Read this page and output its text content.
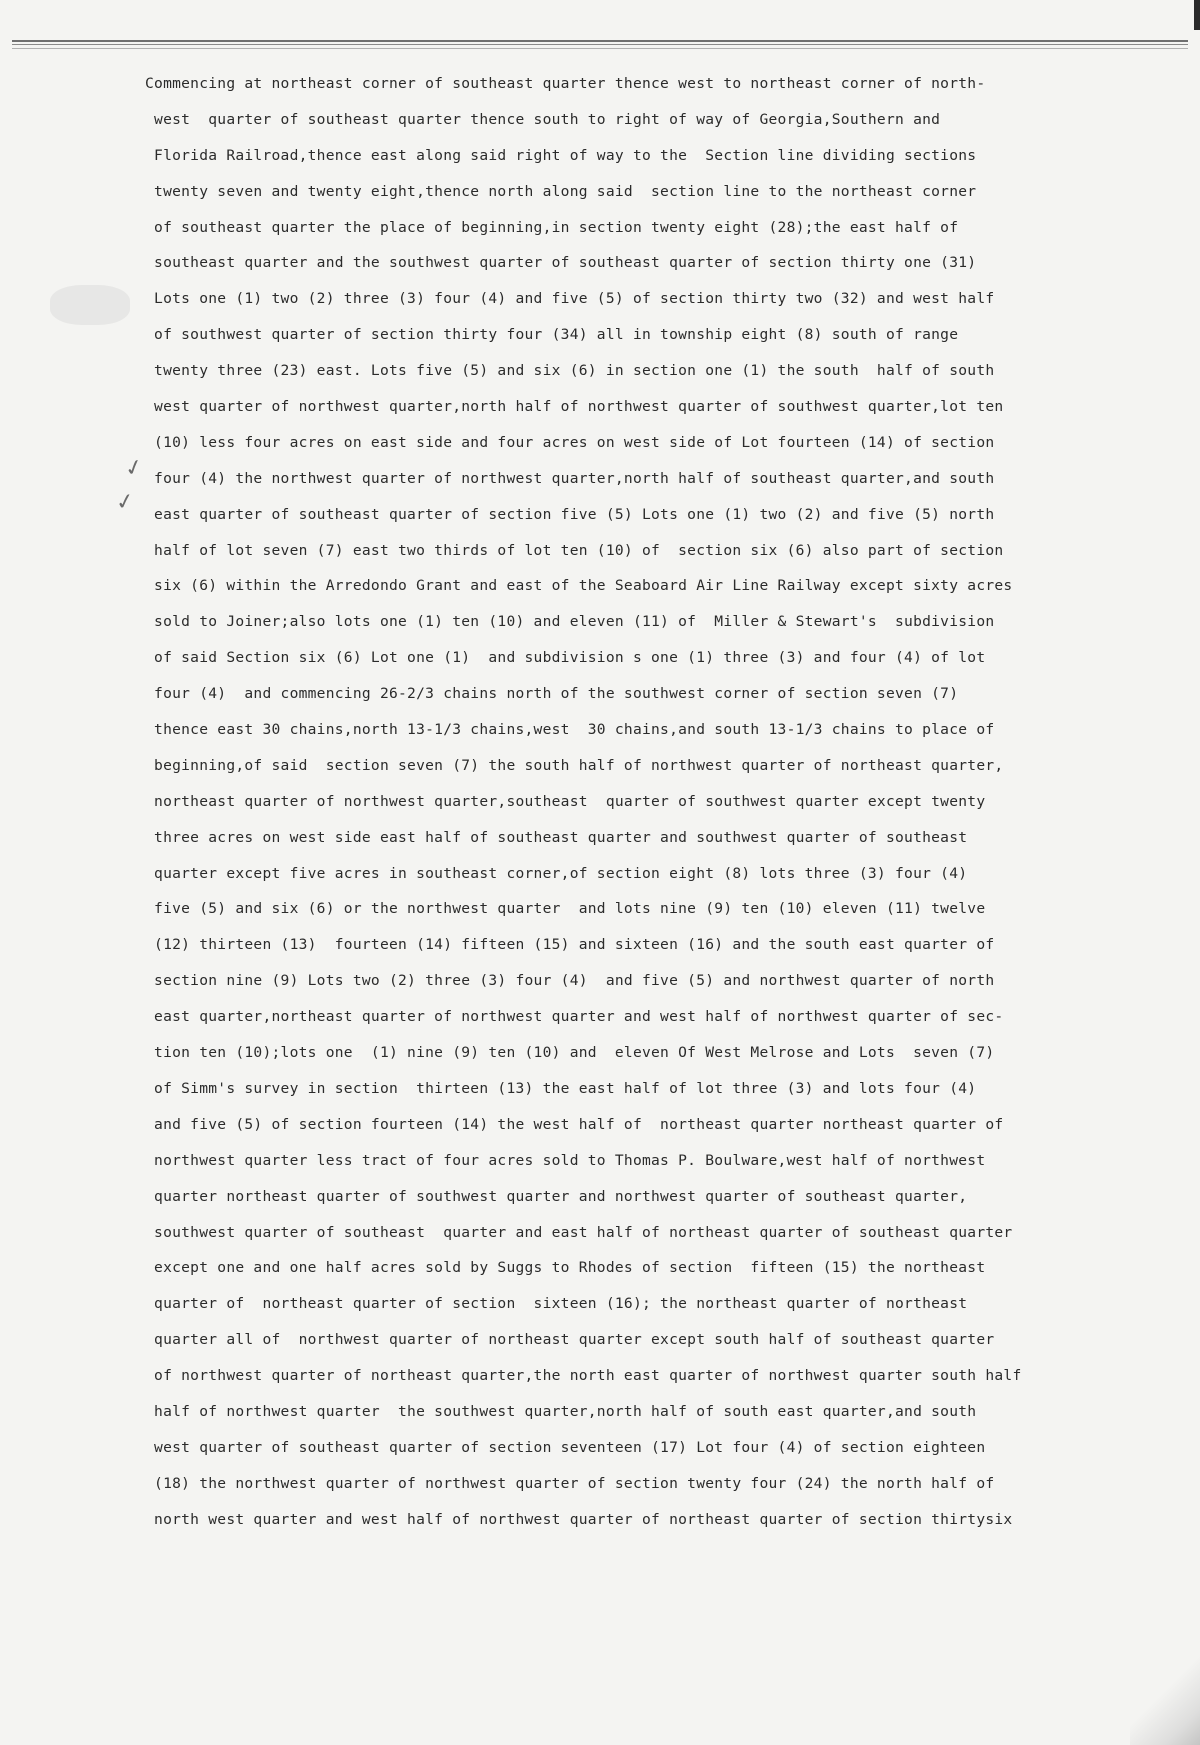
✓
✓
Commencing at northeast corner of southeast quarter thence west to northeast corner of north-
west  quarter of southeast quarter thence south to right of way of Georgia,Southern and
Florida Railroad,thence east along said right of way to the  Section line dividing sections
twenty seven and twenty eight,thence north along said  section line to the northeast corner
of southeast quarter the place of beginning,in section twenty eight (28);the east half of
southeast quarter and the southwest quarter of southeast quarter of section thirty one (31)
Lots one (1) two (2) three (3) four (4) and five (5) of section thirty two (32) and west half
of southwest quarter of section thirty four (34) all in township eight (8) south of range
twenty three (23) east. Lots five (5) and six (6) in section one (1) the south  half of south
west quarter of northwest quarter,north half of northwest quarter of southwest quarter,lot ten
(10) less four acres on east side and four acres on west side of Lot fourteen (14) of section
four (4) the northwest quarter of northwest quarter,north half of southeast quarter,and south
east quarter of southeast quarter of section five (5) Lots one (1) two (2) and five (5) north
half of lot seven (7) east two thirds of lot ten (10) of  section six (6) also part of section
six (6) within the Arredondo Grant and east of the Seaboard Air Line Railway except sixty acres
sold to Joiner;also lots one (1) ten (10) and eleven (11) of  Miller & Stewart's  subdivision
of said Section six (6) Lot one (1)  and subdivision s one (1) three (3) and four (4) of lot
four (4)  and commencing 26-2/3 chains north of the southwest corner of section seven (7)
thence east 30 chains,north 13-1/3 chains,west  30 chains,and south 13-1/3 chains to place of
beginning,of said  section seven (7) the south half of northwest quarter of northeast quarter,
northeast quarter of northwest quarter,southeast  quarter of southwest quarter except twenty
three acres on west side east half of southeast quarter and southwest quarter of southeast
quarter except five acres in southeast corner,of section eight (8) lots three (3) four (4)
five (5) and six (6) or the northwest quarter  and lots nine (9) ten (10) eleven (11) twelve
(12) thirteen (13)  fourteen (14) fifteen (15) and sixteen (16) and the south east quarter of
section nine (9) Lots two (2) three (3) four (4)  and five (5) and northwest quarter of north
east quarter,northeast quarter of northwest quarter and west half of northwest quarter of sec-
tion ten (10);lots one  (1) nine (9) ten (10) and  eleven Of West Melrose and Lots  seven (7)
of Simm's survey in section  thirteen (13) the east half of lot three (3) and lots four (4)
and five (5) of section fourteen (14) the west half of  northeast quarter northeast quarter of
northwest quarter less tract of four acres sold to Thomas P. Boulware,west half of northwest
quarter northeast quarter of southwest quarter and northwest quarter of southeast quarter,
southwest quarter of southeast  quarter and east half of northeast quarter of southeast quarter
except one and one half acres sold by Suggs to Rhodes of section  fifteen (15) the northeast
quarter of  northeast quarter of section  sixteen (16); the northeast quarter of northeast
quarter all of  northwest quarter of northeast quarter except south half of southeast quarter
of northwest quarter of northeast quarter,the north east quarter of northwest quarter south half
half of northwest quarter  the southwest quarter,north half of south east quarter,and south
west quarter of southeast quarter of section seventeen (17) Lot four (4) of section eighteen
(18) the northwest quarter of northwest quarter of section twenty four (24) the north half of
north west quarter and west half of northwest quarter of northeast quarter of section thirtysix
